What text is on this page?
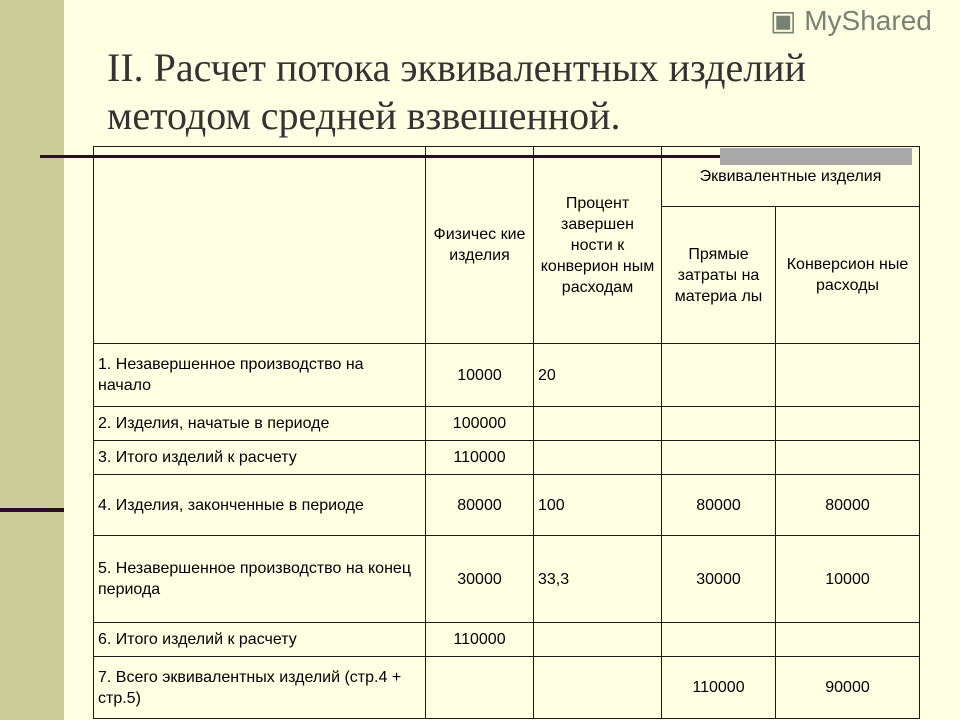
II. Расчет потока эквивалентных изделий
методом средней взвешенной.
	Физичес кие изделия	Процент завершен ности к конверион ным расходам	Эквивалентные изделия	
			Прямые затраты на материа лы	Конверсион ные расходы
1. Незавершенное производство на начало	10000	20		
2. Изделия, начатые в периоде	100000			
3. Итого изделий к расчету	110000			
4. Изделия, законченные в периоде	80000	100	80000	80000
5. Незавершенное производство на конец периода	30000	33,3	30000	10000
6. Итого изделий к расчету	110000			
7. Всего эквивалентных изделий (стр.4 + стр.5)			110000	90000
▣ MyShared
